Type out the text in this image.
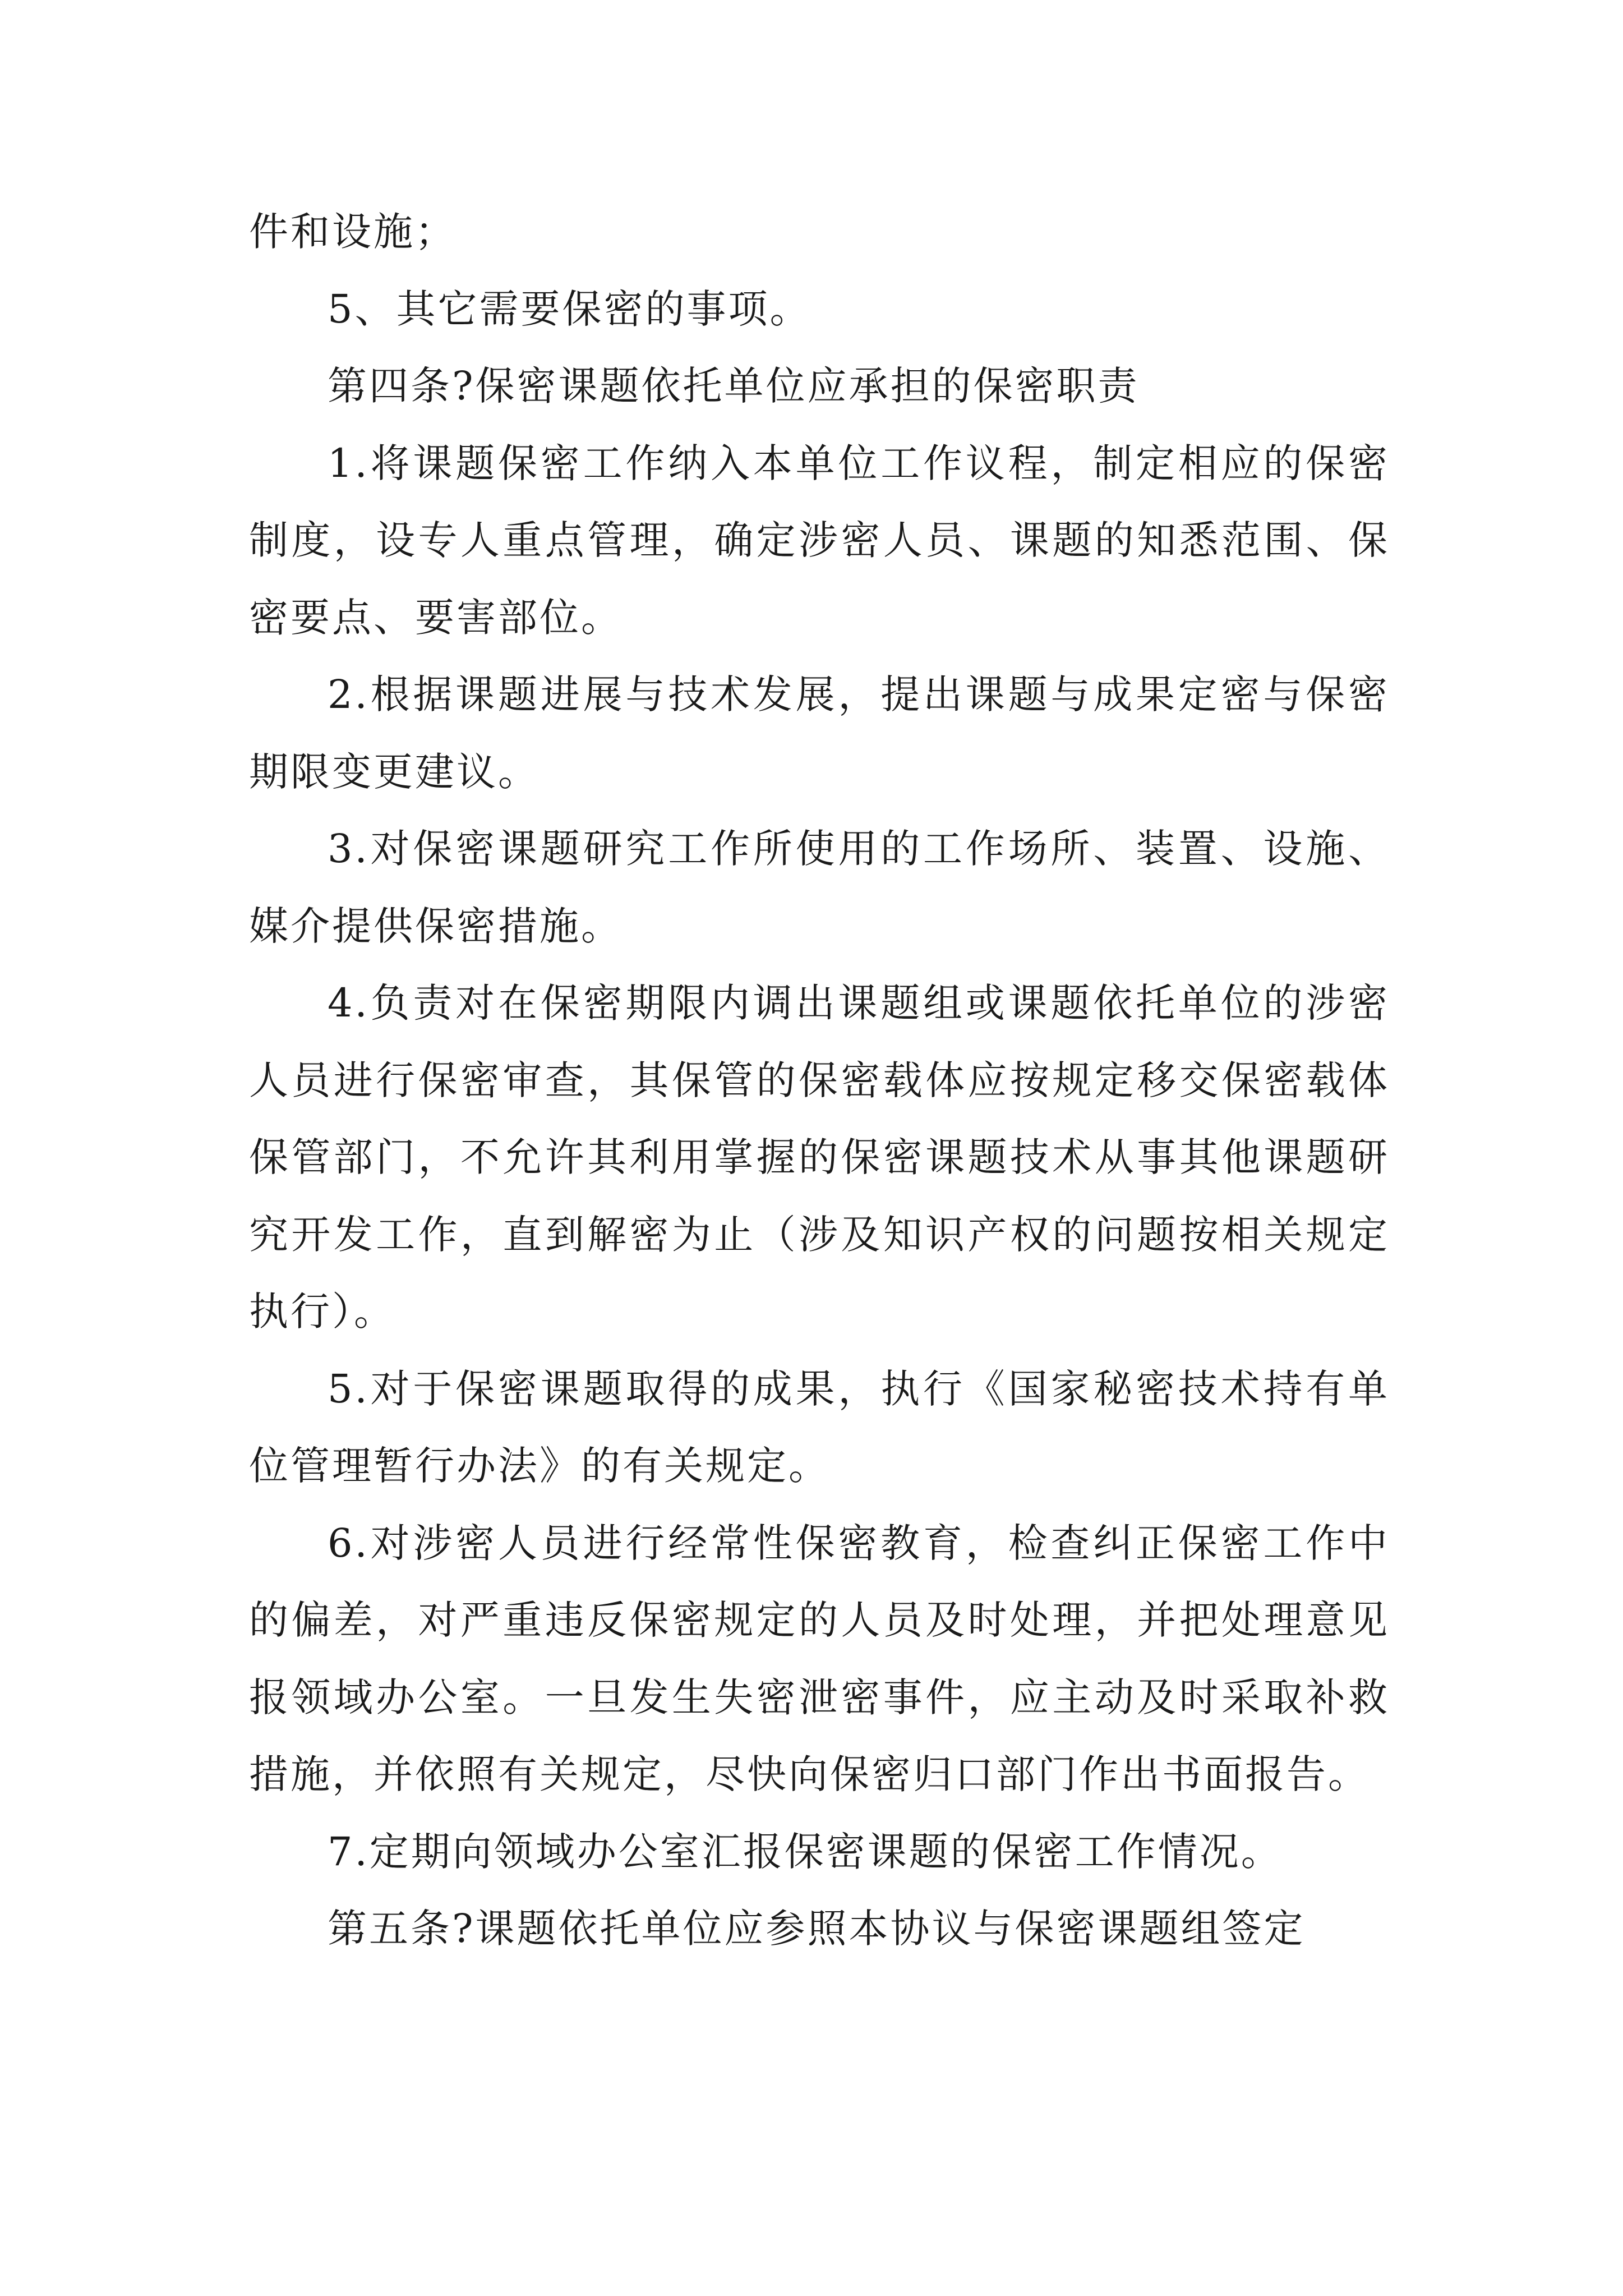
件和设施；

5、其它需要保密的事项。

第四条?保密课题依托单位应承担的保密职责

1.将课题保密工作纳入本单位工作议程，制定相应的保密制度，设专人重点管理，确定涉密人员、课题的知悉范围、保密要点、要害部位。

2.根据课题进展与技术发展，提出课题与成果定密与保密期限变更建议。

3.对保密课题研究工作所使用的工作场所、装置、设施、媒介提供保密措施。

4.负责对在保密期限内调出课题组或课题依托单位的涉密人员进行保密审查，其保管的保密载体应按规定移交保密载体保管部门，不允许其利用掌握的保密课题技术从事其他课题研究开发工作，直到解密为止（涉及知识产权的问题按相关规定执行）。

5.对于保密课题取得的成果，执行《国家秘密技术持有单位管理暂行办法》的有关规定。

6.对涉密人员进行经常性保密教育，检查纠正保密工作中的偏差，对严重违反保密规定的人员及时处理，并把处理意见报领域办公室。一旦发生失密泄密事件，应主动及时采取补救措施，并依照有关规定，尽快向保密归口部门作出书面报告。

7.定期向领域办公室汇报保密课题的保密工作情况。

第五条?课题依托单位应参照本协议与保密课题组签定
